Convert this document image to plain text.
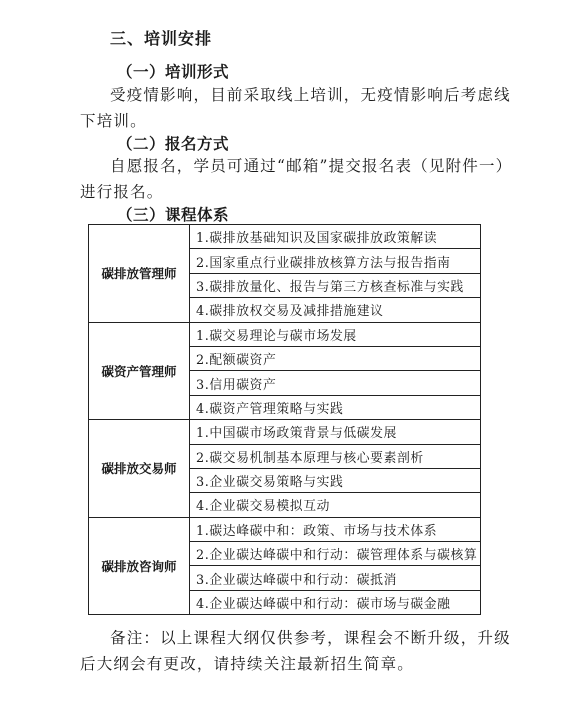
三、培训安排
（一）培训形式
受疫情影响，目前采取线上培训，无疫情影响后考虑线
下培训。
（二）报名方式
自愿报名，学员可通过“邮箱”提交报名表（见附件一）
进行报名。
（三）课程体系
碳排放管理师	1.碳排放基础知识及国家碳排放政策解读
	2.国家重点行业碳排放核算方法与报告指南
	3.碳排放量化、报告与第三方核查标准与实践
	4.碳排放权交易及减排措施建议
碳资产管理师	1.碳交易理论与碳市场发展
	2.配额碳资产
	3.信用碳资产
	4.碳资产管理策略与实践
碳排放交易师	1.中国碳市场政策背景与低碳发展
	2.碳交易机制基本原理与核心要素剖析
	3.企业碳交易策略与实践
	4.企业碳交易模拟互动
碳排放咨询师	1.碳达峰碳中和：政策、市场与技术体系
	2.企业碳达峰碳中和行动：碳管理体系与碳核算
	3.企业碳达峰碳中和行动：碳抵消
	4.企业碳达峰碳中和行动：碳市场与碳金融
备注：以上课程大纲仅供参考，课程会不断升级，升级
后大纲会有更改，请持续关注最新招生简章。
